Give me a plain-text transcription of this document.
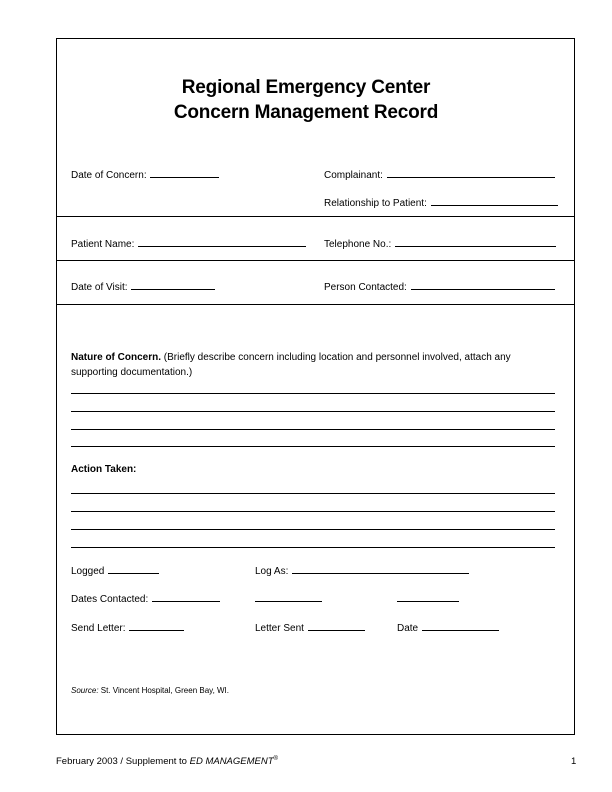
Regional Emergency Center
Concern Management Record
Date of Concern:	Complainant:
Relationship to Patient:
Patient Name:	Telephone No.:
Date of Visit:	Person Contacted:
Nature of Concern. (Briefly describe concern including location and personnel involved, attach any supporting documentation.)
Action Taken:
Logged	Log As:
Dates Contacted:
Send Letter:	Letter Sent	Date
Source: St. Vincent Hospital, Green Bay, WI.
February 2003 / Supplement to ED MANAGEMENT®	1
